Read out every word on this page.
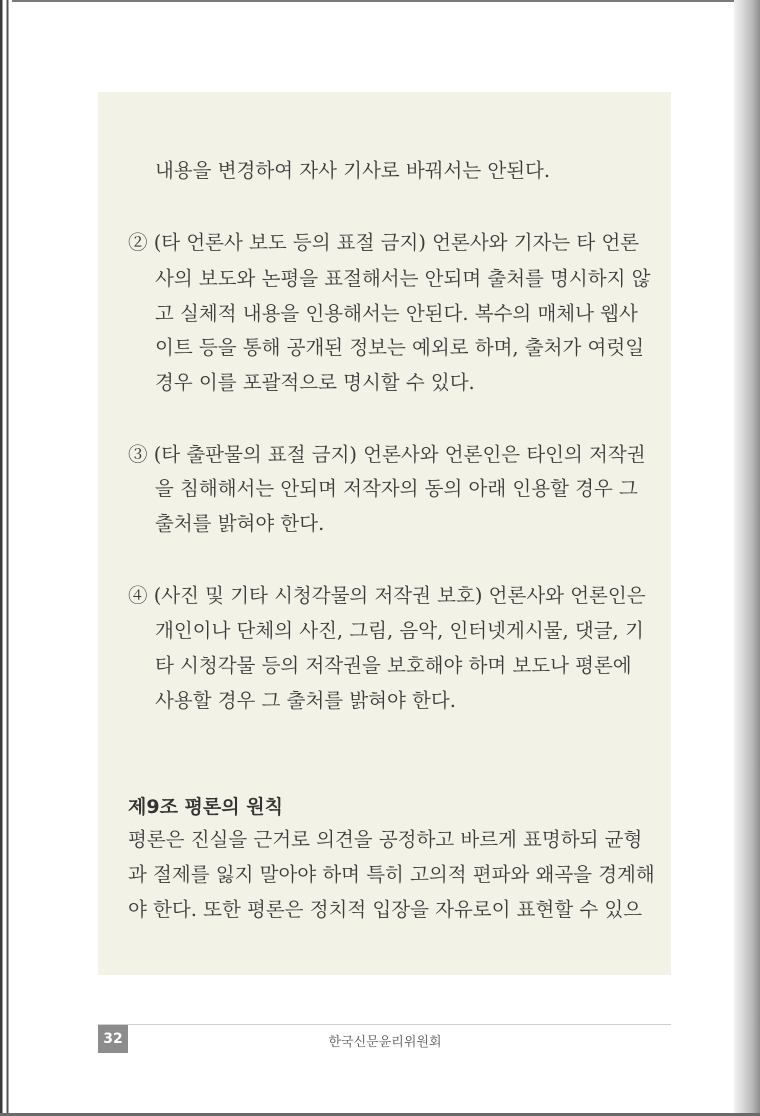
내용을 변경하여 자사 기사로 바꿔서는 안된다.
② (타 언론사 보도 등의 표절 금지) 언론사와 기자는 타 언론
사의 보도와 논평을 표절해서는 안되며 출처를 명시하지 않
고 실체적 내용을 인용해서는 안된다. 복수의 매체나 웹사
이트 등을 통해 공개된 정보는 예외로 하며, 출처가 여럿일
경우 이를 포괄적으로 명시할 수 있다.
③ (타 출판물의 표절 금지) 언론사와 언론인은 타인의 저작권
을 침해해서는 안되며 저작자의 동의 아래 인용할 경우 그
출처를 밝혀야 한다.
④ (사진 및 기타 시청각물의 저작권 보호) 언론사와 언론인은
개인이나 단체의 사진, 그림, 음악, 인터넷게시물, 댓글, 기
타 시청각물 등의 저작권을 보호해야 하며 보도나 평론에
사용할 경우 그 출처를 밝혀야 한다.
제9조 평론의 원칙
평론은 진실을 근거로 의견을 공정하고 바르게 표명하되 균형
과 절제를 잃지 말아야 하며 특히 고의적 편파와 왜곡을 경계해
야 한다. 또한 평론은 정치적 입장을 자유로이 표현할 수 있으
32	한국신문윤리위원회
